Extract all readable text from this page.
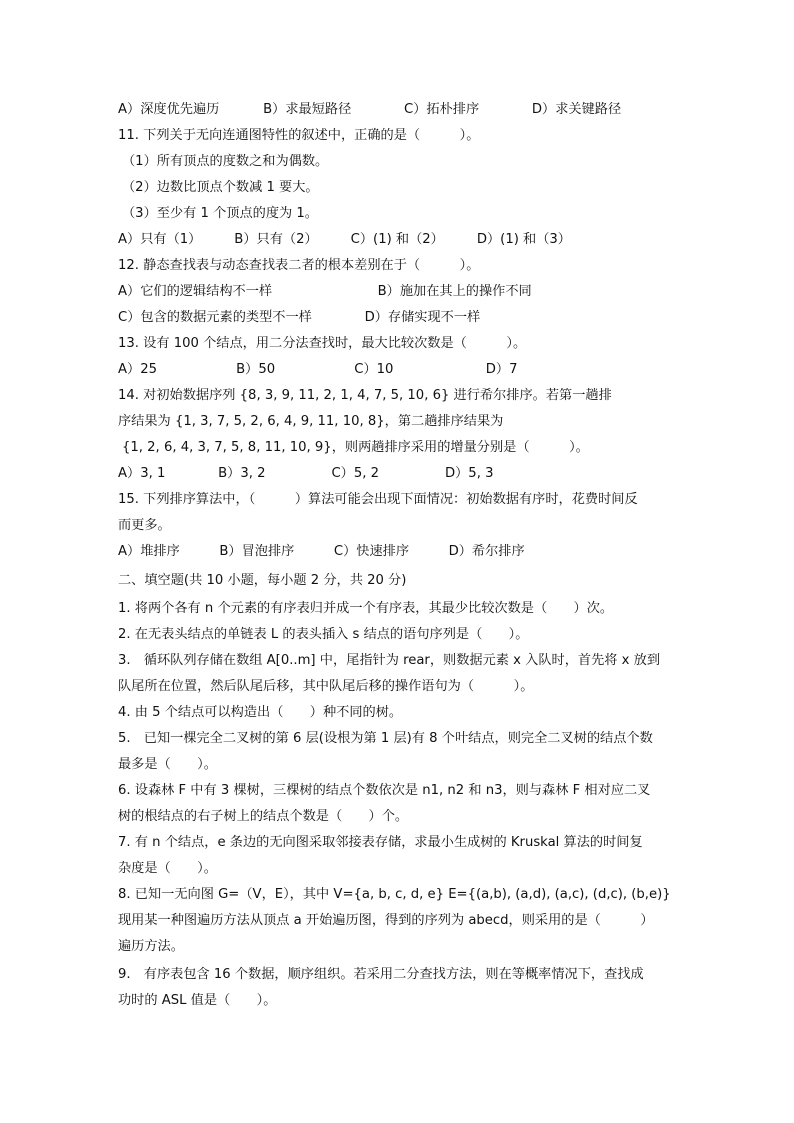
A）深度优先遍历　　　 B）求最短路径　　　　C）拓朴排序　　　　D）求关键路径
11. 下列关于无向连通图特性的叙述中，正确的是（　　　）。
（1）所有顶点的度数之和为偶数。
（2）边数比顶点个数减 1 要大。
（3）至少有 1 个顶点的度为 1。
A）只有（1）　　　B）只有（2）　　　C）(1) 和（2）　　　D）(1) 和（3）
12. 静态查找表与动态查找表二者的根本差别在于（　　　）。
A）它们的逻辑结构不一样　　　　　　　　B）施加在其上的操作不同
C）包含的数据元素的类型不一样　　　　D）存储实现不一样
13. 设有 100 个结点，用二分法查找时，最大比较次数是（　　　）。
A）25　　　　　　B）50　　　　　　C）10　　　　　　　D）7
14. 对初始数据序列 {8, 3, 9, 11, 2, 1, 4, 7, 5, 10, 6} 进行希尔排序。若第一趟排
序结果为 {1, 3, 7, 5, 2, 6, 4, 9, 11, 10, 8}，第二趟排序结果为
{1, 2, 6, 4, 3, 7, 5, 8, 11, 10, 9}，则两趟排序采用的增量分别是（　　　）。
A）3, 1　　　　B）3, 2　　　　　C）5, 2　　　　　D）5, 3
15. 下列排序算法中，（　　　）算法可能会出现下面情况：初始数据有序时，花费时间反
而更多。
A）堆排序　　　B）冒泡排序　　　C）快速排序　　　D）希尔排序
二、填空题(共 10 小题，每小题 2 分，共 20 分)
1. 将两个各有 n 个元素的有序表归并成一个有序表，其最少比较次数是（　　）次。
2. 在无表头结点的单链表 L 的表头插入 s 结点的语句序列是（　　）。
3.　循环队列存储在数组 A[0..m] 中，尾指针为 rear，则数据元素 x 入队时，首先将 x 放到
队尾所在位置，然后队尾后移，其中队尾后移的操作语句为（　　　）。
4. 由 5 个结点可以构造出（　　）种不同的树。
5.　已知一棵完全二叉树的第 6 层(设根为第 1 层)有 8 个叶结点，则完全二叉树的结点个数
最多是（　　）。
6. 设森林 F 中有 3 棵树，三棵树的结点个数依次是 n1, n2 和 n3，则与森林 F 相对应二叉
树的根结点的右子树上的结点个数是（　　）个。
7. 有 n 个结点，e 条边的无向图采取邻接表存储，求最小生成树的 Kruskal 算法的时间复
杂度是（　　）。
8. 已知一无向图 G=（V，E），其中 V={a, b, c, d, e} E={(a,b), (a,d), (a,c), (d,c), (b,e)}
现用某一种图遍历方法从顶点 a 开始遍历图，得到的序列为 abecd，则采用的是（　　　）
遍历方法。
9.　有序表包含 16 个数据，顺序组织。若采用二分查找方法，则在等概率情况下，查找成
功时的 ASL 值是（　　）。
